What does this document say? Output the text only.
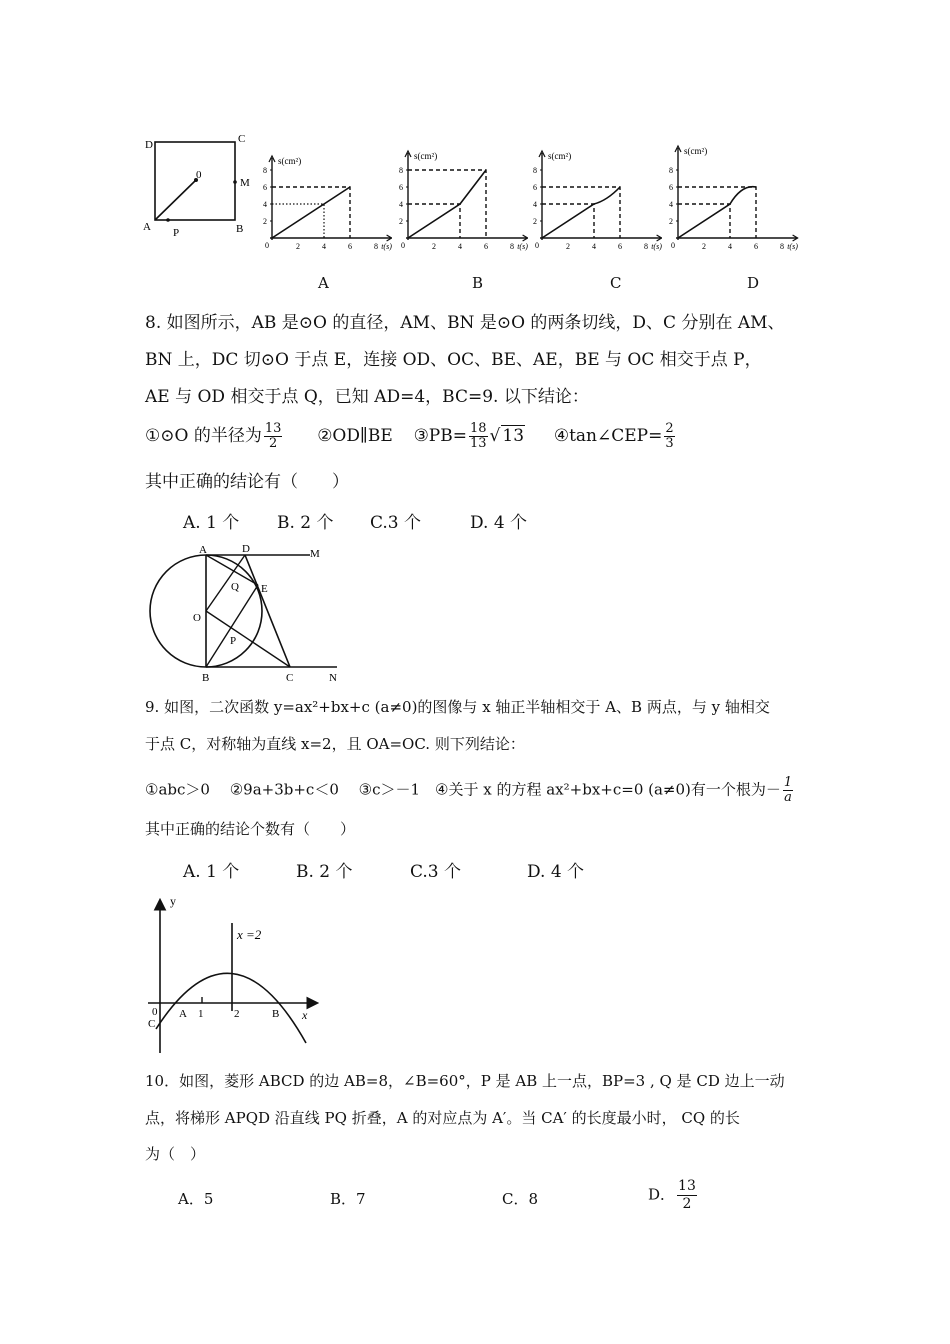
D	C
M
A P	B
0
2
2
4
4
6
6
8
8
0
s(cm²)
t(s)
2
2
4
4
6
6
8
8
0
s(cm²)
t(s)
2
2
4
4
6
6
8
8
0
s(cm²)
t(s)
2
2
4
4
6
6
8
8
0
s(cm²)
t(s)
A	B	C	D
8. 如图所示，AB 是⊙O 的直径，AM、BN 是⊙O 的两条切线，D、C 分别在 AM、
BN 上，DC 切⊙O 于点 E，连接 OD、OC、BE、AE，BE 与 OC 相交于点 P，
AE 与 OD 相交于点 Q，已知 AD=4，BC=9. 以下结论：
①⊙O 的半径为 $\frac{13}{2}$ ②OD∥BE ③PB= $\frac{18}{13}$ √ 13 ④tan∠CEP= $\frac{2}{3}$
其中正确的结论有（　　）
A. 1 个 B. 2 个 C.3 个	D. 4 个
A	D	M
Q E
O
P
B	C	N
9. 如图，二次函数 y=ax²+bx+c (a≠0)的图像与 x 轴正半轴相交于 A、B 两点，与 y 轴相交
于点 C，对称轴为直线 x=2，且 OA=OC. 则下列结论：
①abc＞0　 ②9a+3b+c＜0　 ③c＞－1　④关于 x 的方程 ax²+bx+c=0 (a≠0)有一个根为－ $\frac{1}{a}$
其中正确的结论个数有（　　）
A. 1 个	B. 2 个	C.3 个	D. 4 个
y
x
x =2
0 A 1	2	B
C
10．如图，菱形 ABCD 的边 AB=8，∠B=60°，P 是 AB 上一点，BP=3 , Q 是 CD 边上一动
点，将梯形 APQD 沿直线 PQ 折叠，A 的对应点为 A′。当 CA′ 的长度最小时， CQ 的长
为（　）
A．5	B．7	C．8	D． $\frac{13}{2}$
